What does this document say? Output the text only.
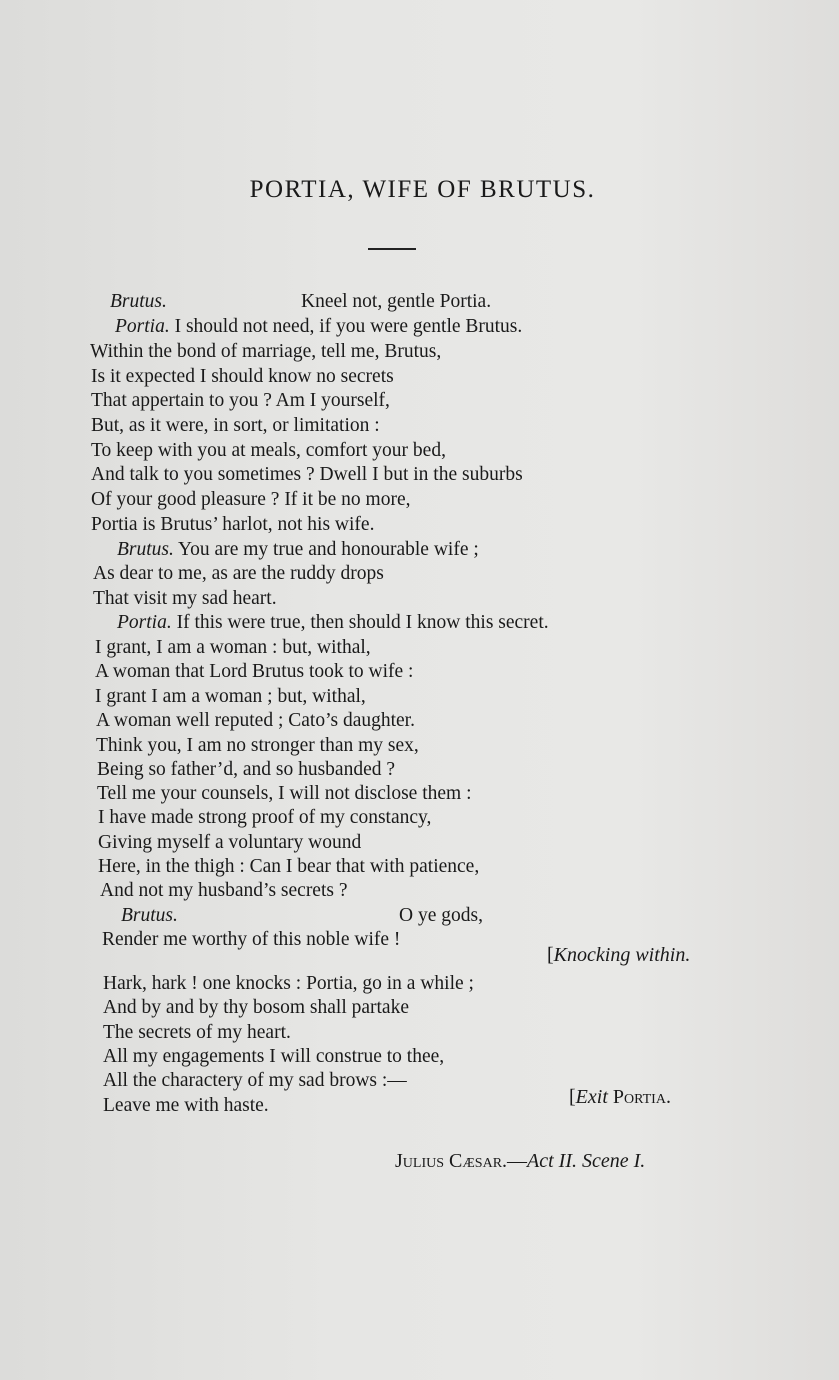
PORTIA, WIFE OF BRUTUS.
Brutus.	Kneel not, gentle Portia.
Portia. I should not need, if you were gentle Brutus.
Within the bond of marriage, tell me, Brutus,
Is it expected I should know no secrets
That appertain to you ? Am I yourself,
But, as it were, in sort, or limitation :
To keep with you at meals, comfort your bed,
And talk to you sometimes ? Dwell I but in the suburbs
Of your good pleasure ? If it be no more,
Portia is Brutus’ harlot, not his wife.
Brutus. You are my true and honourable wife ;
As dear to me, as are the ruddy drops
That visit my sad heart.
Portia. If this were true, then should I know this secret.
I grant, I am a woman : but, withal,
A woman that Lord Brutus took to wife :
I grant I am a woman ; but, withal,
A woman well reputed ; Cato’s daughter.
Think you, I am no stronger than my sex,
Being so father’d, and so husbanded ?
Tell me your counsels, I will not disclose them :
I have made strong proof of my constancy,
Giving myself a voluntary wound
Here, in the thigh : Can I bear that with patience,
And not my husband’s secrets ?
Brutus.	O ye gods,
Render me worthy of this noble wife !
[Knocking within.
Hark, hark ! one knocks : Portia, go in a while ;
And by and by thy bosom shall partake
The secrets of my heart.
All my engagements I will construe to thee,
All the charactery of my sad brows :—
Leave me with haste.	[Exit Portia.
Julius Cæsar.—Act II. Scene I.
